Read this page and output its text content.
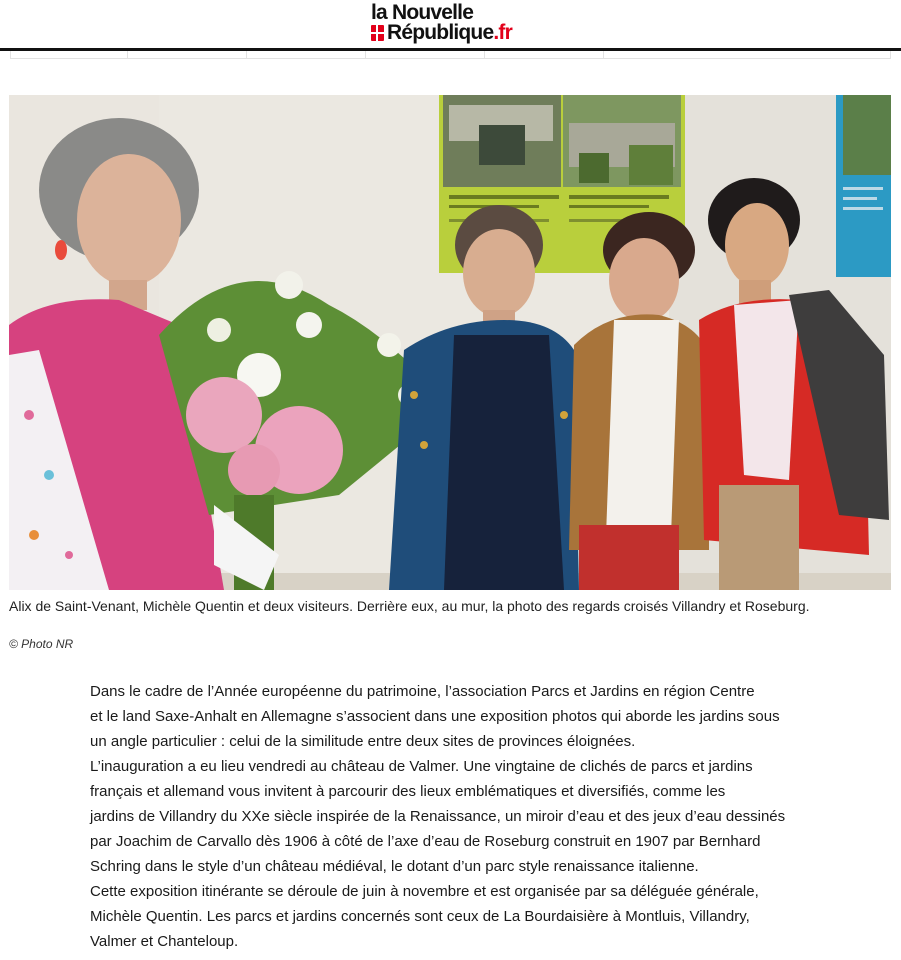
la Nouvelle
République.fr
Alix de Saint-Venant, Michèle Quentin et deux visiteurs. Derrière eux, au mur, la photo des regards croisés Villandry et Roseburg.
© Photo NR

Dans le cadre de l’Année européenne du patrimoine, l’association Parcs et Jardins en région Centre

et le land Saxe-Anhalt en Allemagne s’associent dans une exposition photos qui aborde les jardins sous

un angle particulier : celui de la similitude entre deux sites de provinces éloignées.

L’inauguration a eu lieu vendredi au château de Valmer. Une vingtaine de clichés de parcs et jardins

français et allemand vous invitent à parcourir des lieux emblématiques et diversifiés, comme les

jardins de Villandry du XXe siècle inspirée de la Renaissance, un miroir d’eau et des jeux d’eau dessinés

par Joachim de Carvallo dès 1906 à côté de l’axe d’eau de Roseburg construit en 1907 par Bernhard

Schring dans le style d’un château médiéval, le dotant d’un parc style renaissance italienne.

Cette exposition itinérante se déroule de juin à novembre et est organisée par sa déléguée générale,

Michèle Quentin. Les parcs et jardins concernés sont ceux de La Bourdaisière à Montluis, Villandry,

Valmer et Chanteloup.
